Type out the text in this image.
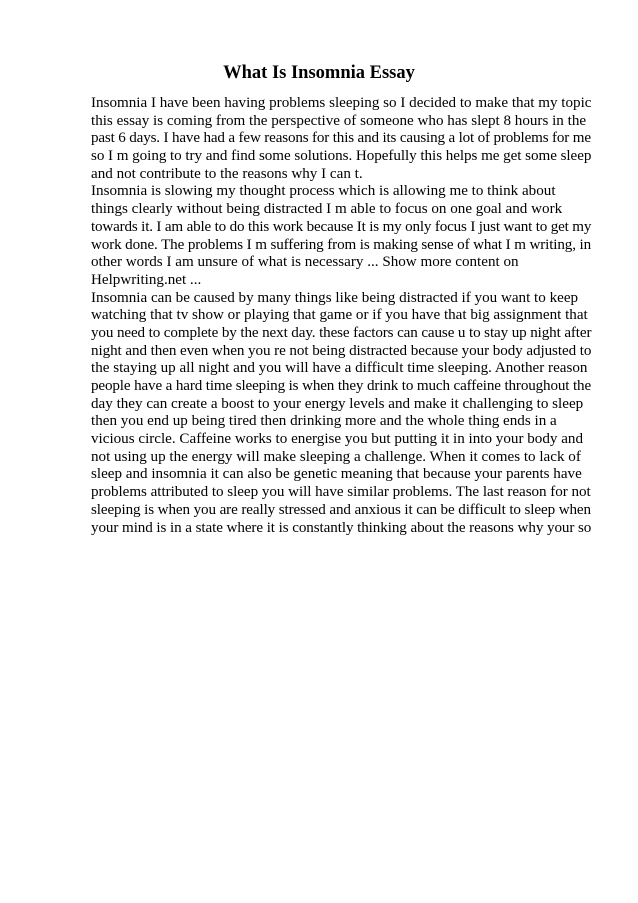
What Is Insomnia Essay
Insomnia I have been having problems sleeping so I decided to make that my topic
this essay is coming from the perspective of someone who has slept 8 hours in the
past 6 days. I have had a few reasons for this and its causing a lot of problems for me
so I m going to try and find some solutions. Hopefully this helps me get some sleep
and not contribute to the reasons why I can t.
Insomnia is slowing my thought process which is allowing me to think about
things clearly without being distracted I m able to focus on one goal and work
towards it. I am able to do this work because It is my only focus I just want to get my
work done. The problems I m suffering from is making sense of what I m writing, in
other words I am unsure of what is necessary ... Show more content on
Helpwriting.net ...
Insomnia can be caused by many things like being distracted if you want to keep
watching that tv show or playing that game or if you have that big assignment that
you need to complete by the next day. these factors can cause u to stay up night after
night and then even when you re not being distracted because your body adjusted to
the staying up all night and you will have a difficult time sleeping. Another reason
people have a hard time sleeping is when they drink to much caffeine throughout the
day they can create a boost to your energy levels and make it challenging to sleep
then you end up being tired then drinking more and the whole thing ends in a
vicious circle. Caffeine works to energise you but putting it in into your body and
not using up the energy will make sleeping a challenge. When it comes to lack of
sleep and insomnia it can also be genetic meaning that because your parents have
problems attributed to sleep you will have similar problems. The last reason for not
sleeping is when you are really stressed and anxious it can be difficult to sleep when
your mind is in a state where it is constantly thinking about the reasons why your so
